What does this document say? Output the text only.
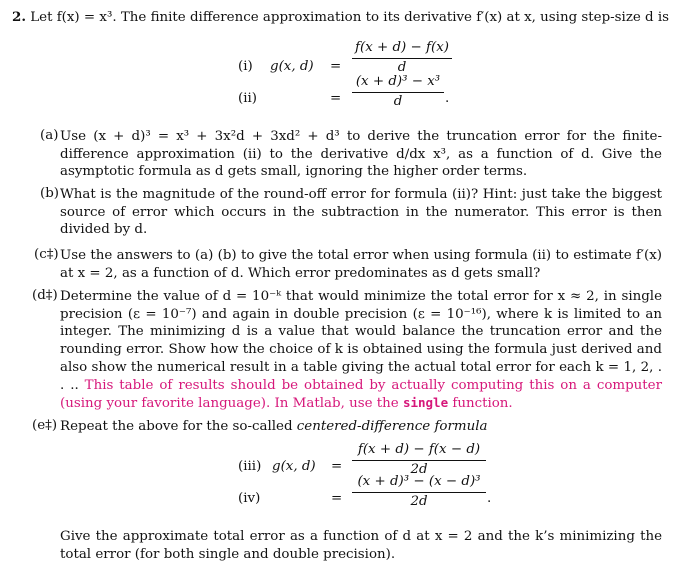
2. Let f(x) = x³. The finite difference approximation to its derivative f′(x) at x, using step-size d is
(i) g(x, d) =
f(x + d) − f(x)
d
(ii)	=
(x + d)³ − x³
d	.
(a) Use (x + d)³ = x³ + 3x²d + 3xd² + d³ to derive the truncation error for the finite-difference approximation (ii) to the derivative d/dx x³, as a function of d. Give the asymptotic formula as d gets small, ignoring the higher order terms.
(b) What is the magnitude of the round-off error for formula (ii)? Hint: just take the biggest source of error which occurs in the subtraction in the numerator. This error is then divided by d.
(c‡) Use the answers to (a) (b) to give the total error when using formula (ii) to estimate f′(x) at x = 2, as a function of d. Which error predominates as d gets small?
(d‡) Determine the value of d = 10⁻ᵏ that would minimize the total error for x ≈ 2, in single precision (ε = 10⁻⁷) and again in double precision (ε = 10⁻¹⁶), where k is limited to an integer. The minimizing d is a value that would balance the truncation error and the rounding error. Show how the choice of k is obtained using the formula just derived and also show the numerical result in a table giving the actual total error for each k = 1, 2, . . .. This table of results should be obtained by actually computing this on a computer (using your favorite language). In Matlab, use the single function.
(e‡) Repeat the above for the so-called centered-difference formula
(iii) g(x, d) =
f(x + d) − f(x − d)
2d
(iv)	=
(x + d)³ − (x − d)³
2d	.
Give the approximate total error as a function of d at x = 2 and the k’s minimizing the total error (for both single and double precision).
